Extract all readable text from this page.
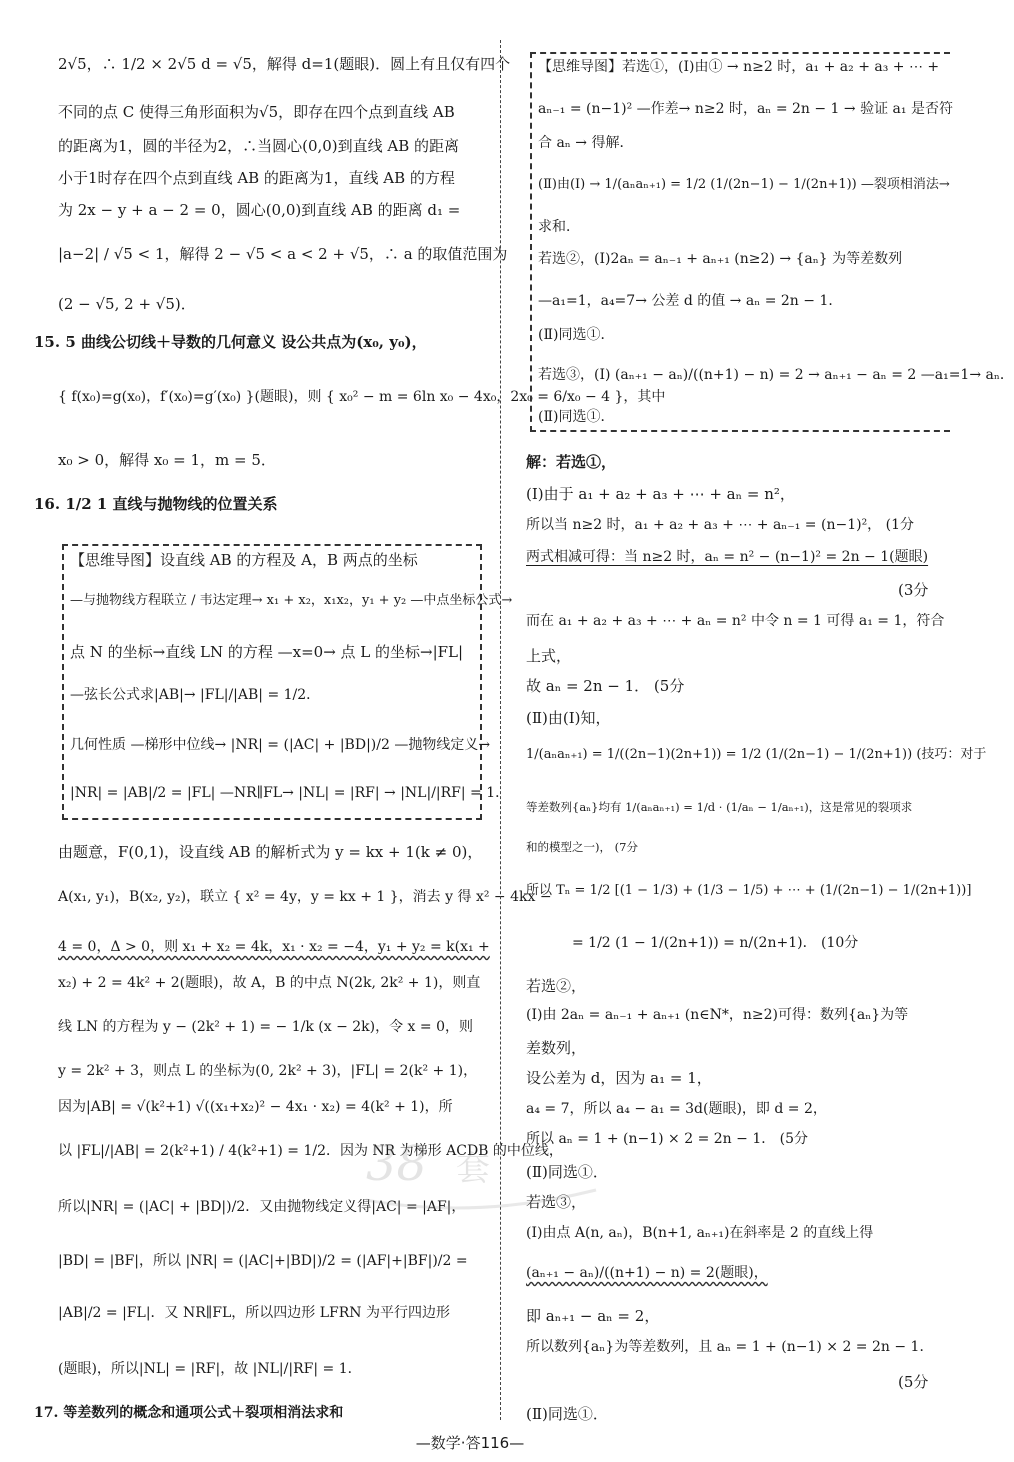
2√5，∴ 1/2 × 2√5 d = √5，解得 d=1(题眼)．圆上有且仅有四个
不同的点 C 使得三角形面积为√5，即存在四个点到直线 AB
的距离为1，圆的半径为2，∴当圆心(0,0)到直线 AB 的距离
小于1时存在四个点到直线 AB 的距离为1，直线 AB 的方程
为 2x − y + a − 2 = 0，圆心(0,0)到直线 AB 的距离 d₁ =
|a−2| / √5 < 1，解得 2 − √5 < a < 2 + √5，∴ a 的取值范围为
(2 − √5, 2 + √5)．
15. 5 曲线公切线＋导数的几何意义 设公共点为(x₀, y₀)，
{ f(x₀)=g(x₀)，f′(x₀)=g′(x₀) }(题眼)，则 { x₀² − m = 6ln x₀ − 4x₀，2x₀ = 6/x₀ − 4 }，其中
x₀ > 0，解得 x₀ = 1，m = 5．
16. 1/2 1 直线与抛物线的位置关系
【思维导图】设直线 AB 的方程及 A，B 两点的坐标
—与抛物线方程联立 / 韦达定理→ x₁ + x₂，x₁x₂，y₁ + y₂ —中点坐标公式→
点 N 的坐标→直线 LN 的方程 —x=0→ 点 L 的坐标→|FL|
—弦长公式求|AB|→ |FL|/|AB| = 1/2．
几何性质 —梯形中位线→ |NR| = (|AC| + |BD|)/2 —抛物线定义→
|NR| = |AB|/2 = |FL| —NR∥FL→ |NL| = |RF| → |NL|/|RF| = 1．
由题意，F(0,1)，设直线 AB 的解析式为 y = kx + 1(k ≠ 0)，
A(x₁, y₁)，B(x₂, y₂)，联立 { x² = 4y，y = kx + 1 }，消去 y 得 x² − 4kx −
4 = 0，Δ > 0，则 x₁ + x₂ = 4k，x₁ · x₂ = −4，y₁ + y₂ = k(x₁ +
x₂) + 2 = 4k² + 2(题眼)，故 A，B 的中点 N(2k, 2k² + 1)，则直
线 LN 的方程为 y − (2k² + 1) = − 1/k (x − 2k)，令 x = 0，则
y = 2k² + 3，则点 L 的坐标为(0, 2k² + 3)，|FL| = 2(k² + 1)，
因为|AB| = √(k²+1) √((x₁+x₂)² − 4x₁ · x₂) = 4(k² + 1)，所
以 |FL|/|AB| = 2(k²+1) / 4(k²+1) = 1/2．因为 NR 为梯形 ACDB 的中位线，
所以|NR| = (|AC| + |BD|)/2．又由抛物线定义得|AC| = |AF|，
|BD| = |BF|，所以 |NR| = (|AC|+|BD|)/2 = (|AF|+|BF|)/2 =
|AB|/2 = |FL|．又 NR∥FL，所以四边形 LFRN 为平行四边形
(题眼)，所以|NL| = |RF|，故 |NL|/|RF| = 1．
17. 等差数列的概念和通项公式＋裂项相消法求和
【思维导图】若选①，(Ⅰ)由① → n≥2 时，a₁ + a₂ + a₃ + ⋯ +
aₙ₋₁ = (n−1)² —作差→ n≥2 时，aₙ = 2n − 1 → 验证 a₁ 是否符
合 aₙ → 得解．
(Ⅱ)由(Ⅰ) → 1/(aₙaₙ₊₁) = 1/2 (1/(2n−1) − 1/(2n+1)) —裂项相消法→
求和．
若选②，(Ⅰ)2aₙ = aₙ₋₁ + aₙ₊₁ (n≥2) → {aₙ} 为等差数列
—a₁=1，a₄=7→ 公差 d 的值 → aₙ = 2n − 1．
(Ⅱ)同选①．
若选③，(Ⅰ) (aₙ₊₁ − aₙ)/((n+1) − n) = 2 → aₙ₊₁ − aₙ = 2 —a₁=1→ aₙ．
(Ⅱ)同选①．
解：若选①，
(Ⅰ)由于 a₁ + a₂ + a₃ + ⋯ + aₙ = n²，
所以当 n≥2 时，a₁ + a₂ + a₃ + ⋯ + aₙ₋₁ = (n−1)²， (1分
两式相减可得：当 n≥2 时，aₙ = n² − (n−1)² = 2n − 1(题眼)
(3分
而在 a₁ + a₂ + a₃ + ⋯ + aₙ = n² 中令 n = 1 可得 a₁ = 1，符合
上式，
故 aₙ = 2n − 1． (5分
(Ⅱ)由(Ⅰ)知，
1/(aₙaₙ₊₁) = 1/((2n−1)(2n+1)) = 1/2 (1/(2n−1) − 1/(2n+1)) (技巧：对于
等差数列{aₙ}均有 1/(aₙaₙ₊₁) = 1/d · (1/aₙ − 1/aₙ₊₁)，这是常见的裂项求
和的模型之一)， (7分
所以 Tₙ = 1/2 [(1 − 1/3) + (1/3 − 1/5) + ⋯ + (1/(2n−1) − 1/(2n+1))]
= 1/2 (1 − 1/(2n+1)) = n/(2n+1)． (10分
若选②，
(Ⅰ)由 2aₙ = aₙ₋₁ + aₙ₊₁ (n∈N*，n≥2)可得：数列{aₙ}为等
差数列，
设公差为 d，因为 a₁ = 1，
a₄ = 7，所以 a₄ − a₁ = 3d(题眼)，即 d = 2，
所以 aₙ = 1 + (n−1) × 2 = 2n − 1． (5分
(Ⅱ)同选①．
若选③，
(Ⅰ)由点 A(n, aₙ)，B(n+1, aₙ₊₁)在斜率是 2 的直线上得
(aₙ₊₁ − aₙ)/((n+1) − n) = 2(题眼)，
即 aₙ₊₁ − aₙ = 2，
所以数列{aₙ}为等差数列，且 aₙ = 1 + (n−1) × 2 = 2n − 1．
(5分
(Ⅱ)同选①．
38 套
—数学·答116—
